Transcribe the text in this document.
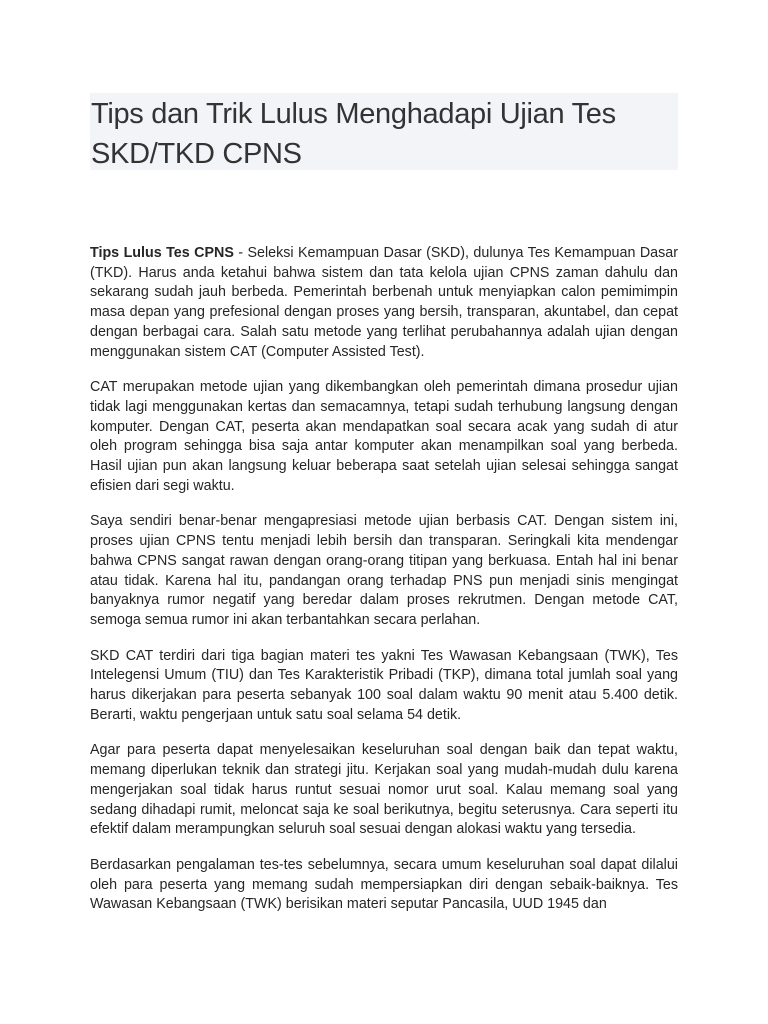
Tips dan Trik Lulus Menghadapi Ujian Tes SKD/TKD CPNS

Tips Lulus Tes CPNS - Seleksi Kemampuan Dasar (SKD), dulunya Tes Kemampuan Dasar (TKD). Harus anda ketahui bahwa sistem dan tata kelola ujian CPNS zaman dahulu dan sekarang sudah jauh berbeda. Pemerintah berbenah untuk menyiapkan calon pemimimpin masa depan yang prefesional dengan proses yang bersih, transparan, akuntabel, dan cepat dengan berbagai cara. Salah satu metode yang terlihat perubahannya adalah ujian dengan menggunakan sistem CAT (Computer Assisted Test).

CAT merupakan metode ujian yang dikembangkan oleh pemerintah dimana prosedur ujian tidak lagi menggunakan kertas dan semacamnya, tetapi sudah terhubung langsung dengan komputer. Dengan CAT, peserta akan mendapatkan soal secara acak yang sudah di atur oleh program sehingga bisa saja antar komputer akan menampilkan soal yang berbeda. Hasil ujian pun akan langsung keluar beberapa saat setelah ujian selesai sehingga sangat efisien dari segi waktu.

Saya sendiri benar-benar mengapresiasi metode ujian berbasis CAT. Dengan sistem ini, proses ujian CPNS tentu menjadi lebih bersih dan transparan. Seringkali kita mendengar bahwa CPNS sangat rawan dengan orang-orang titipan yang berkuasa. Entah hal ini benar atau tidak. Karena hal itu, pandangan orang terhadap PNS pun menjadi sinis mengingat banyaknya rumor negatif yang beredar dalam proses rekrutmen. Dengan metode CAT, semoga semua rumor ini akan terbantahkan secara perlahan.

SKD CAT terdiri dari tiga bagian materi tes yakni Tes Wawasan Kebangsaan (TWK), Tes Intelegensi Umum (TIU) dan Tes Karakteristik Pribadi (TKP), dimana total jumlah soal yang harus dikerjakan para peserta sebanyak 100 soal dalam waktu 90 menit atau 5.400 detik. Berarti, waktu pengerjaan untuk satu soal selama 54 detik.

Agar para peserta dapat menyelesaikan keseluruhan soal dengan baik dan tepat waktu, memang diperlukan teknik dan strategi jitu. Kerjakan soal yang mudah-mudah dulu karena mengerjakan soal tidak harus runtut sesuai nomor urut soal. Kalau memang soal yang sedang dihadapi rumit, meloncat saja ke soal berikutnya, begitu seterusnya. Cara seperti itu efektif dalam merampungkan seluruh soal sesuai dengan alokasi waktu yang tersedia.

Berdasarkan pengalaman tes-tes sebelumnya, secara umum keseluruhan soal dapat dilalui oleh para peserta yang memang sudah mempersiapkan diri dengan sebaik-baiknya. Tes Wawasan Kebangsaan (TWK) berisikan materi seputar Pancasila, UUD 1945 dan
